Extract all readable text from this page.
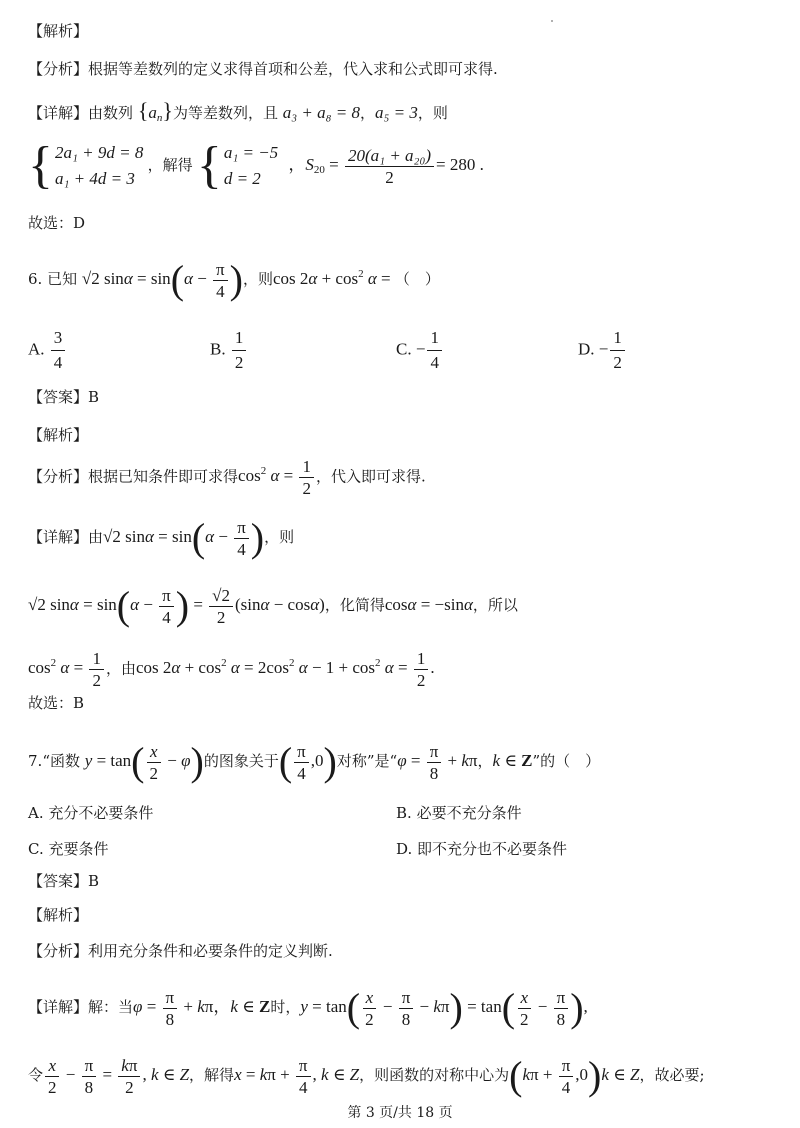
【解析】
【分析】根据等差数列的定义求得首项和公差，代入求和公式即可求得.
【详解】由数列 $\{a_n\}$为等差数列，且 a₃ + a₈ = 8，a₅ = 3，则
{ 2a₁ + 9d = 8
a₁ + 4d = 3
，解得 { a₁ = −5
d = 2
，$S_{20} = \frac{\text{20(a₁ + a₂₀)}}{2} = 280$ .
故选：D
6. 已知 √2 $\sin\alpha = \sin(\alpha - \frac{\pi}{4}$ )，则$\cos 2\alpha + \cos^2 \alpha$ = （　）
A. $\frac{3}{4}$	B. $\frac{1}{2}$	C. − $\frac{1}{4}$	D. − $\frac{1}{2}$
【答案】B
【解析】
【分析】根据已知条件即可求得$\cos^2 \alpha = \frac{1}{2}$ ，代入即可求得.
【详解】由√2 $\sin\alpha = \sin(\alpha - \frac{\pi}{4}$ )，则
√2 $\sin\alpha = \sin(\alpha - \frac{\pi}{4}$ ) = $\frac{√2}{2} (\sin\alpha - \cos\alpha)$，化简得cosα = −sinα，所以
$\cos^2 \alpha = \frac{1}{2}$ ，由$\cos 2\alpha + \cos^2 \alpha = 2\cos^2$ $\alpha - 1 + \cos^2 \alpha = \frac{1}{2}$ .
故选：B
7.“函数 $y = \tan( \frac{x}{2} - \varphi)$的图象关于( $\frac{\pi}{4} ,0$)对称”是“$\varphi = \frac{\pi}{8} + k\pi$，k ∈ Z”的（　）
A. 充分不必要条件	B. 必要不充分条件
C. 充要条件	D. 即不充分也不必要条件
【答案】B
【解析】
【分析】利用充分条件和必要条件的定义判断.
【详解】解：当$\varphi = \frac{\pi}{8} + k\pi$，k ∈ Z时，$y = \tan( \frac{x}{2} - \frac{\pi}{8} - k\pi) = \tan( \frac{x}{2} - \frac{\pi}{8}$ ),
令 $\frac{x}{2} - \frac{\pi}{8} = \frac{k\pi}{2}$ , k ∈ Z，解得$x = k\pi + \frac{\pi}{4}$ , k ∈ Z，则函数的对称中心为$(k\pi + \frac{\pi}{4} ,0)k$ ∈ Z，故必要;
第 3 页/共 18 页
